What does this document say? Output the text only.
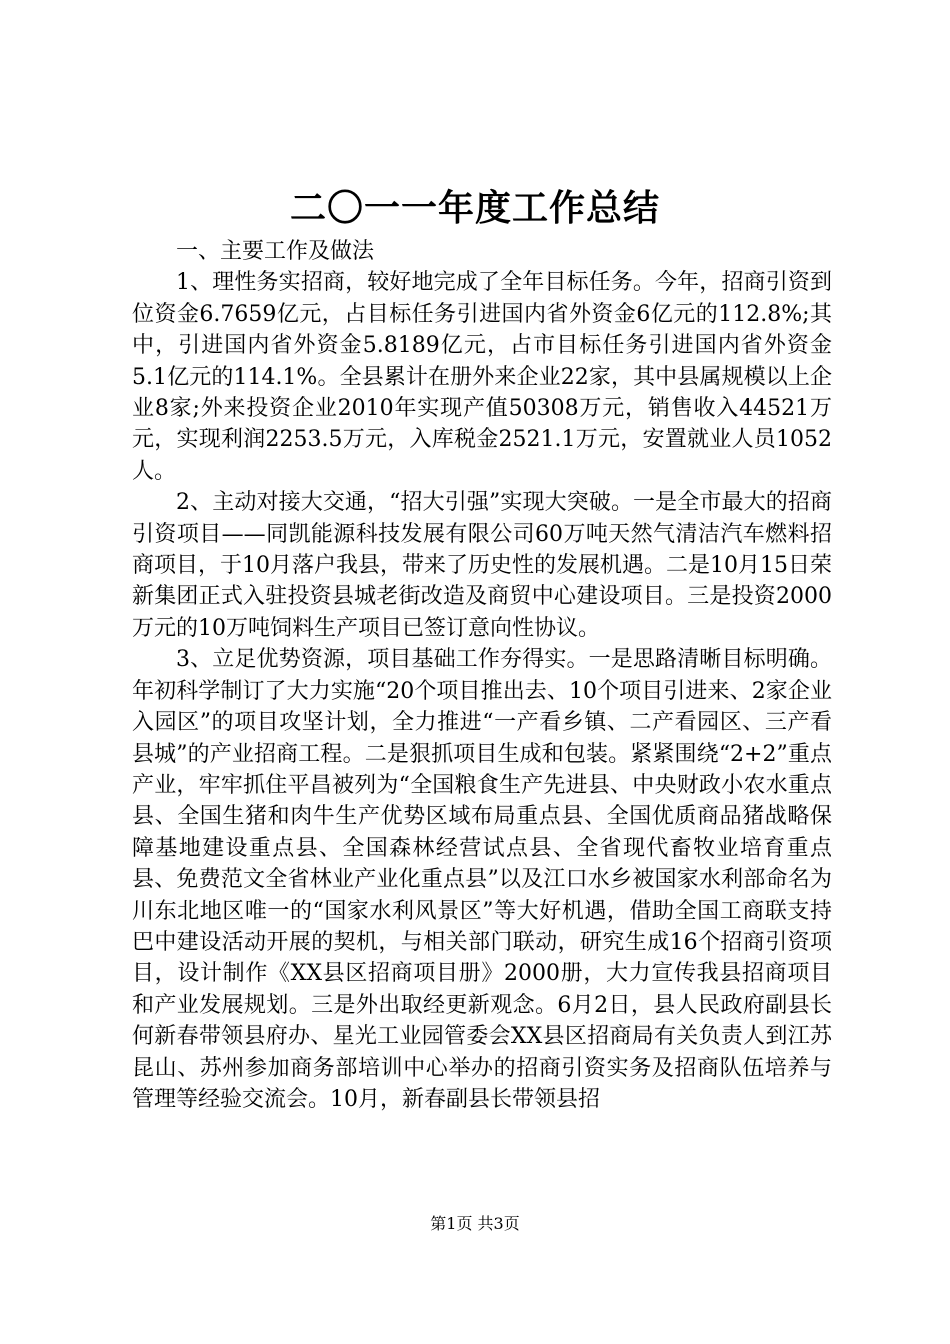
二〇一一年度工作总结

一、主要工作及做法

1、理性务实招商，较好地完成了全年目标任务。今年，招商引资到位资金6.7659亿元，占目标任务引进国内省外资金6亿元的112.8%;其中，引进国内省外资金5.8189亿元，占市目标任务引进国内省外资金5.1亿元的114.1%。全县累计在册外来企业22家，其中县属规模以上企业8家;外来投资企业2010年实现产值50308万元，销售收入44521万元，实现利润2253.5万元，入库税金2521.1万元，安置就业人员1052人。

2、主动对接大交通，“招大引强”实现大突破。一是全市最大的招商引资项目——同凯能源科技发展有限公司60万吨天然气清洁汽车燃料招商项目，于10月落户我县，带来了历史性的发展机遇。二是10月15日荣新集团正式入驻投资县城老街改造及商贸中心建设项目。三是投资2000万元的10万吨饲料生产项目已签订意向性协议。

3、立足优势资源，项目基础工作夯得实。一是思路清晰目标明确。年初科学制订了大力实施“20个项目推出去、10个项目引进来、2家企业入园区”的项目攻坚计划，全力推进“一产看乡镇、二产看园区、三产看县城”的产业招商工程。二是狠抓项目生成和包装。紧紧围绕“2+2”重点产业，牢牢抓住平昌被列为“全国粮食生产先进县、中央财政小农水重点县、全国生猪和肉牛生产优势区域布局重点县、全国优质商品猪战略保障基地建设重点县、全国森林经营试点县、全省现代畜牧业培育重点县、免费范文全省林业产业化重点县”以及江口水乡被国家水利部命名为川东北地区唯一的“国家水利风景区”等大好机遇，借助全国工商联支持巴中建设活动开展的契机，与相关部门联动，研究生成16个招商引资项目，设计制作《XX县区招商项目册》2000册，大力宣传我县招商项目和产业发展规划。三是外出取经更新观念。6月2日，县人民政府副县长何新春带领县府办、星光工业园管委会XX县区招商局有关负责人到江苏昆山、苏州参加商务部培训中心举办的招商引资实务及招商队伍培养与管理等经验交流会。10月，新春副县长带领县招

第1页 共3页
